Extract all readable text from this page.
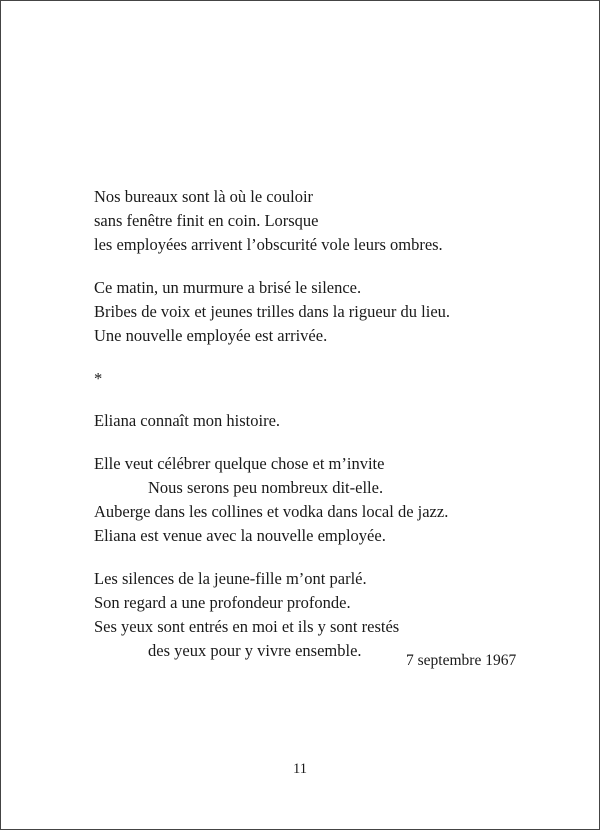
Nos bureaux sont là où le couloir
sans fenêtre finit en coin. Lorsque
les employées arrivent l’obscurité vole leurs ombres.
Ce matin, un murmure a brisé le silence.
Bribes de voix et jeunes trilles dans la rigueur du lieu.
Une nouvelle employée est arrivée.
*
Eliana connaît mon histoire.
Elle veut célébrer quelque chose et m’invite
Nous serons peu nombreux dit-elle.
Auberge dans les collines et vodka dans local de jazz.
Eliana est venue avec la nouvelle employée.
Les silences de la jeune-fille m’ont parlé.
Son regard a une profondeur profonde.
Ses yeux sont entrés en moi et ils y sont restés
des yeux pour y vivre ensemble.
7 septembre 1967
11
